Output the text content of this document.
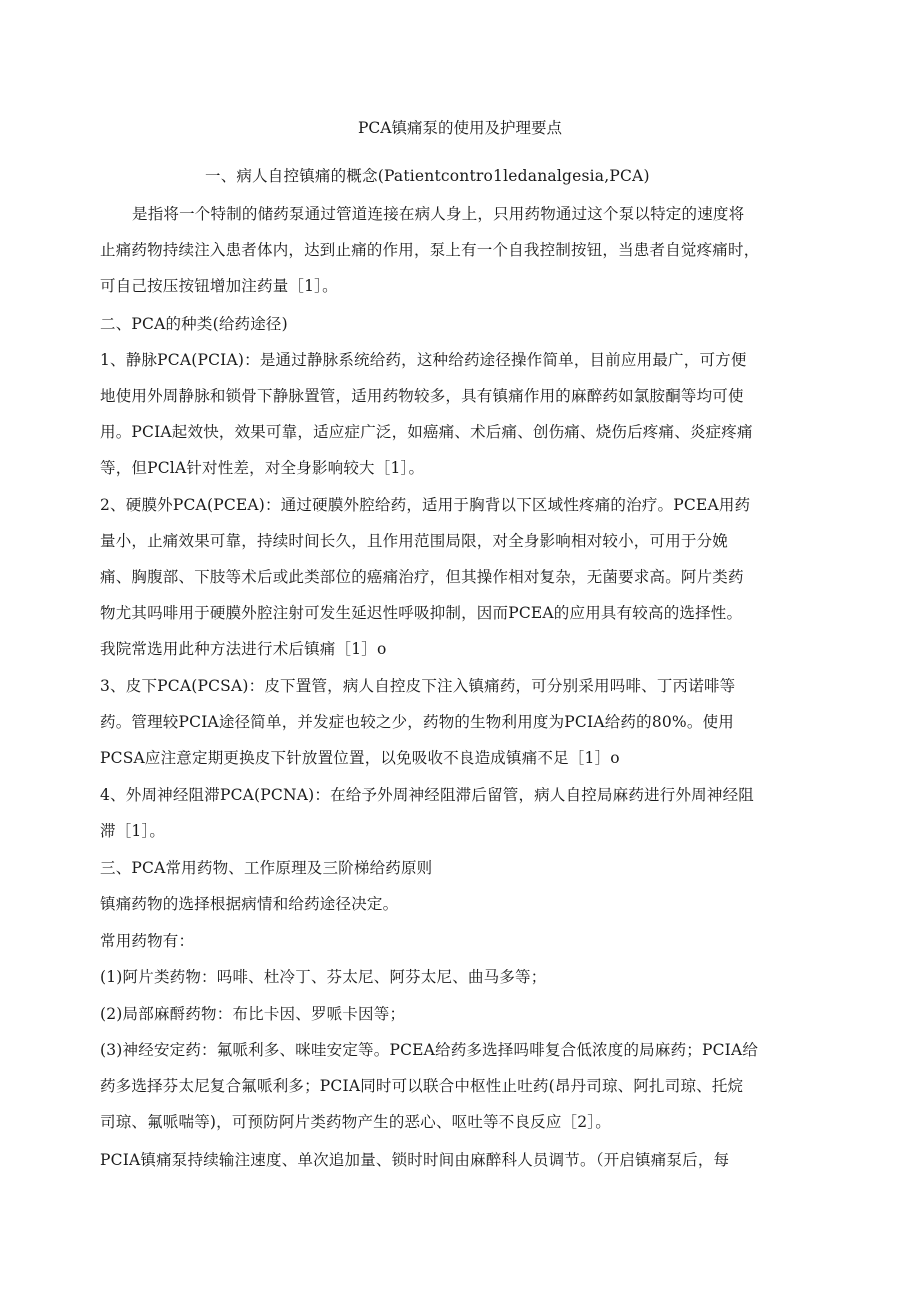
PCA镇痛泵的使用及护理要点
一、病人自控镇痛的概念(Patientcontro1ledanalgesia,PCA)
是指将一个特制的储药泵通过管道连接在病人身上，只用药物通过这个泵以特定的速度将
止痛药物持续注入患者体内，达到止痛的作用，泵上有一个自我控制按钮，当患者自觉疼痛时，
可自己按压按钮增加注药量［1］。
二、PCA的种类(给药途径)
1、静脉PCA(PCIA)：是通过静脉系统给药，这种给药途径操作简单，目前应用最广，可方便
地使用外周静脉和锁骨下静脉置管，适用药物较多，具有镇痛作用的麻醉药如氯胺酮等均可使
用。PCIA起效快，效果可靠，适应症广泛，如癌痛、术后痛、创伤痛、烧伤后疼痛、炎症疼痛
等，但PClA针对性差，对全身影响较大［1］。
2、硬膜外PCA(PCEA)：通过硬膜外腔给药，适用于胸背以下区域性疼痛的治疗。PCEA用药
量小，止痛效果可靠，持续时间长久，且作用范围局限，对全身影响相对较小，可用于分娩
痛、胸腹部、下肢等术后或此类部位的癌痛治疗，但其操作相对复杂，无菌要求高。阿片类药
物尤其吗啡用于硬膜外腔注射可发生延迟性呼吸抑制，因而PCEA的应用具有较高的选择性。
我院常选用此种方法进行术后镇痛［1］o
3、皮下PCA(PCSA)：皮下置管，病人自控皮下注入镇痛药，可分别采用吗啡、丁丙诺啡等
药。管理较PCIA途径简单，并发症也较之少，药物的生物利用度为PCIA给药的80%。使用
PCSA应注意定期更换皮下针放置位置，以免吸收不良造成镇痛不足［1］o
4、外周神经阻滞PCA(PCNA)：在给予外周神经阻滞后留管，病人自控局麻药进行外周神经阻
滞［1］。
三、PCA常用药物、工作原理及三阶梯给药原则
镇痛药物的选择根据病情和给药途径决定。
常用药物有：
(1)阿片类药物：吗啡、杜冷丁、芬太尼、阿芬太尼、曲马多等；
(2)局部麻酹药物：布比卡因、罗哌卡因等；
(3)神经安定药：氟哌利多、咪哇安定等。PCEA给药多选择吗啡复合低浓度的局麻药；PCIA给
药多选择芬太尼复合氟哌利多；PCIA同时可以联合中枢性止吐药(昂丹司琼、阿扎司琼、托烷
司琼、氟哌喘等)，可预防阿片类药物产生的恶心、呕吐等不良反应［2］。
PCIA镇痛泵持续输注速度、单次追加量、锁时时间由麻醉科人员调节。（开启镇痛泵后，每
